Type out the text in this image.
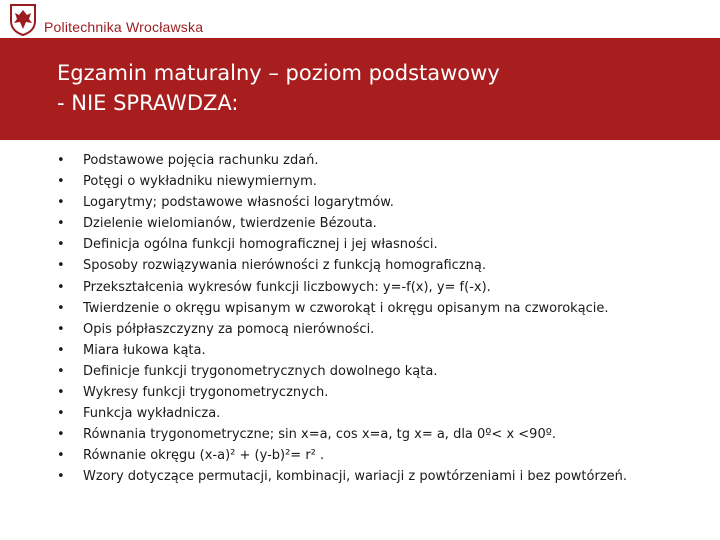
Politechnika Wrocławska
Egzamin maturalny – poziom podstawowy
- NIE SPRAWDZA:
• Podstawowe pojęcia rachunku zdań.
• Potęgi o wykładniku niewymiernym.
• Logarytmy; podstawowe własności logarytmów.
• Dzielenie wielomianów, twierdzenie Bézouta.
• Definicja ogólna funkcji homograficznej i jej własności.
• Sposoby rozwiązywania nierówności z funkcją homograficzną.
• Przekształcenia wykresów funkcji liczbowych: y=-f(x), y= f(-x).
• Twierdzenie o okręgu wpisanym w czworokąt i okręgu opisanym na czworokącie.
• Opis półpłaszczyzny za pomocą nierówności.
• Miara łukowa kąta.
• Definicje funkcji trygonometrycznych dowolnego kąta.
• Wykresy funkcji trygonometrycznych.
• Funkcja wykładnicza.
• Równania trygonometryczne; sin x=a, cos x=a, tg x= a, dla 0º< x <90º.
• Równanie okręgu (x-a)² + (y-b)²= r² .
• Wzory dotyczące permutacji, kombinacji, wariacji z powtórzeniami i bez powtórzeń.
